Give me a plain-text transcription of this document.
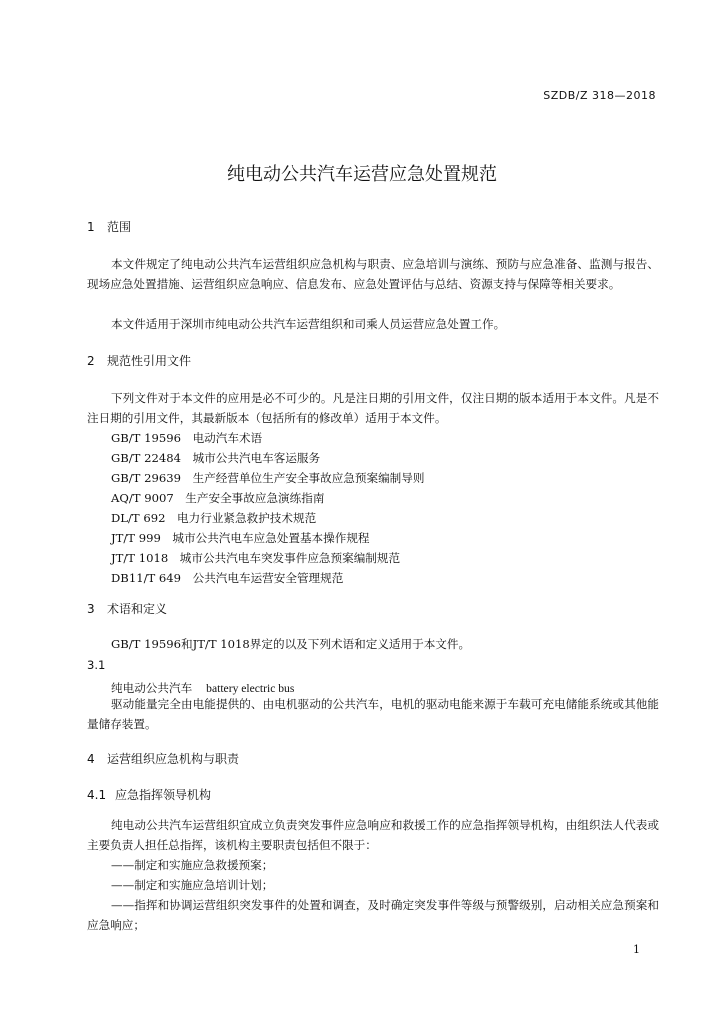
SZDB/Z 318—2018
纯电动公共汽车运营应急处置规范
1 范围
本文件规定了纯电动公共汽车运营组织应急机构与职责、应急培训与演练、预防与应急准备、监测与报告、现场应急处置措施、运营组织应急响应、信息发布、应急处置评估与总结、资源支持与保障等相关要求。
本文件适用于深圳市纯电动公共汽车运营组织和司乘人员运营应急处置工作。
2 规范性引用文件
下列文件对于本文件的应用是必不可少的。凡是注日期的引用文件，仅注日期的版本适用于本文件。凡是不注日期的引用文件，其最新版本（包括所有的修改单）适用于本文件。
GB/T 19596　电动汽车术语
GB/T 22484　城市公共汽电车客运服务
GB/T 29639　生产经营单位生产安全事故应急预案编制导则
AQ/T 9007　生产安全事故应急演练指南
DL/T 692　电力行业紧急救护技术规范
JT/T 999　城市公共汽电车应急处置基本操作规程
JT/T 1018　城市公共汽电车突发事件应急预案编制规范
DB11/T 649　公共汽电车运营安全管理规范
3 术语和定义
GB/T 19596和JT/T 1018界定的以及下列术语和定义适用于本文件。
3.1
纯电动公共汽车 battery electric bus
驱动能量完全由电能提供的、由电机驱动的公共汽车，电机的驱动电能来源于车载可充电储能系统或其他能量储存装置。
4 运营组织应急机构与职责
4.1 应急指挥领导机构
纯电动公共汽车运营组织宜成立负责突发事件应急响应和救援工作的应急指挥领导机构，由组织法人代表或主要负责人担任总指挥，该机构主要职责包括但不限于：
——制定和实施应急救援预案；
——制定和实施应急培训计划；
——指挥和协调运营组织突发事件的处置和调查，及时确定突发事件等级与预警级别，启动相关应急预案和应急响应；
1
